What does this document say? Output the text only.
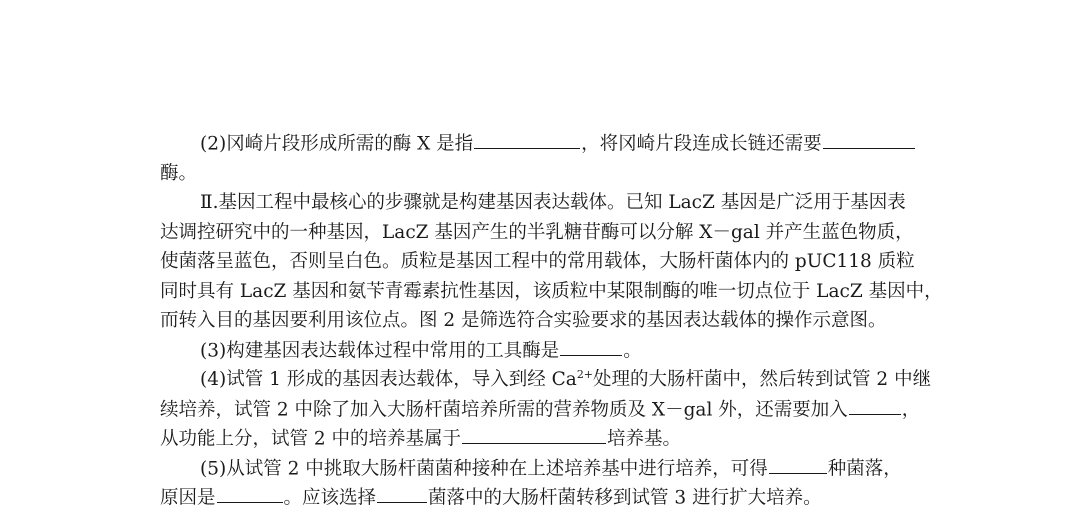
(2)冈崎片段形成所需的酶 X 是指	，将冈崎片段连成长链还需要
酶。
Ⅱ.基因工程中最核心的步骤就是构建基因表达载体。已知 LacZ 基因是广泛用于基因表
达调控研究中的一种基因，LacZ 基因产生的半乳糖苷酶可以分解 X－gal 并产生蓝色物质，
使菌落呈蓝色，否则呈白色。质粒是基因工程中的常用载体，大肠杆菌体内的 pUC118 质粒
同时具有 LacZ 基因和氨苄青霉素抗性基因，该质粒中某限制酶的唯一切点位于 LacZ 基因中，
而转入目的基因要利用该位点。图 2 是筛选符合实验要求的基因表达载体的操作示意图。
(3)构建基因表达载体过程中常用的工具酶是	。
(4)试管 1 形成的基因表达载体，导入到经 $Ca^{2+}$处理的大肠杆菌中，然后转到试管 2 中继
续培养，试管 2 中除了加入大肠杆菌培养所需的营养物质及 X－gal 外，还需要加入	，
从功能上分，试管 2 中的培养基属于	培养基。
(5)从试管 2 中挑取大肠杆菌菌种接种在上述培养基中进行培养，可得	种菌落，
原因是	。应该选择	菌落中的大肠杆菌转移到试管 3 进行扩大培养。
